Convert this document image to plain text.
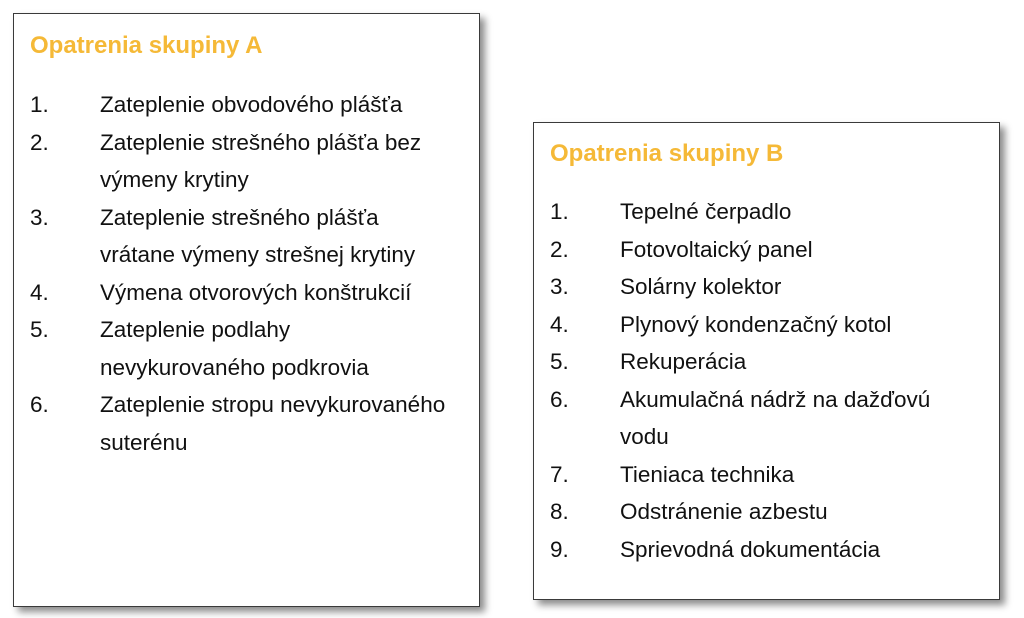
Opatrenia skupiny A
1.	Zateplenie obvodového plášťa
2.	Zateplenie strešného plášťa bez výmeny krytiny
3.	Zateplenie strešného plášťa vrátane výmeny strešnej krytiny
4.	Výmena otvorových konštrukcií
5.	Zateplenie podlahy nevykurovaného podkrovia
6.	Zateplenie stropu nevykurovaného suterénu
Opatrenia skupiny B
1.	Tepelné čerpadlo
2.	Fotovoltaický panel
3.	Solárny kolektor
4.	Plynový kondenzačný kotol
5.	Rekuperácia
6.	Akumulačná nádrž na dažďovú vodu
7.	Tieniaca technika
8.	Odstránenie azbestu
9.	Sprievodná dokumentácia
